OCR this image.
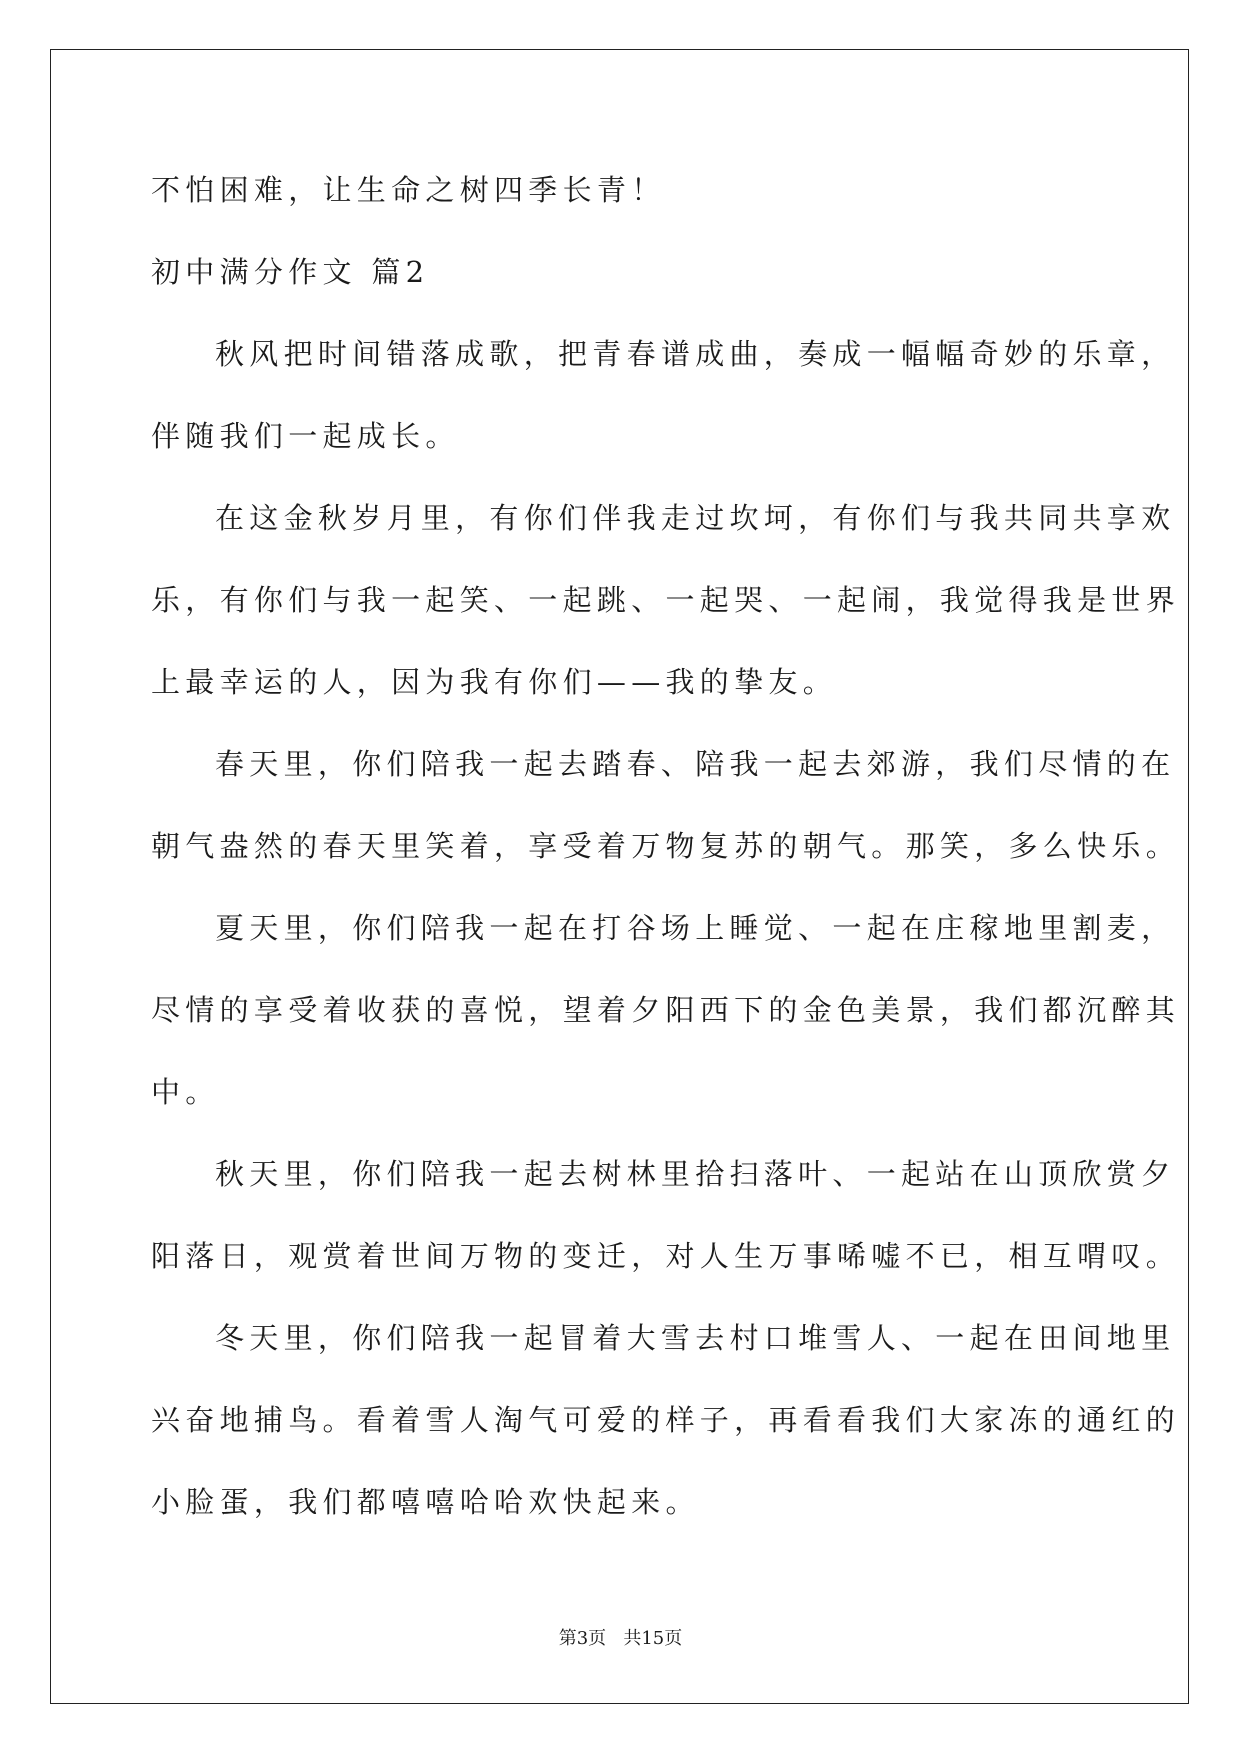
不怕困难，让生命之树四季长青！
初中满分作文 篇2
秋风把时间错落成歌，把青春谱成曲，奏成一幅幅奇妙的乐章，
伴随我们一起成长。
在这金秋岁月里，有你们伴我走过坎坷，有你们与我共同共享欢
乐，有你们与我一起笑、一起跳、一起哭、一起闹，我觉得我是世界
上最幸运的人，因为我有你们——我的挚友。
春天里，你们陪我一起去踏春、陪我一起去郊游，我们尽情的在
朝气盎然的春天里笑着，享受着万物复苏的朝气。那笑，多么快乐。
夏天里，你们陪我一起在打谷场上睡觉、一起在庄稼地里割麦，
尽情的享受着收获的喜悦，望着夕阳西下的金色美景，我们都沉醉其
中。
秋天里，你们陪我一起去树林里拾扫落叶、一起站在山顶欣赏夕
阳落日，观赏着世间万物的变迁，对人生万事唏嘘不已，相互喟叹。
冬天里，你们陪我一起冒着大雪去村口堆雪人、一起在田间地里
兴奋地捕鸟。看着雪人淘气可爱的样子，再看看我们大家冻的通红的
小脸蛋，我们都嘻嘻哈哈欢快起来。
第3页   共15页
